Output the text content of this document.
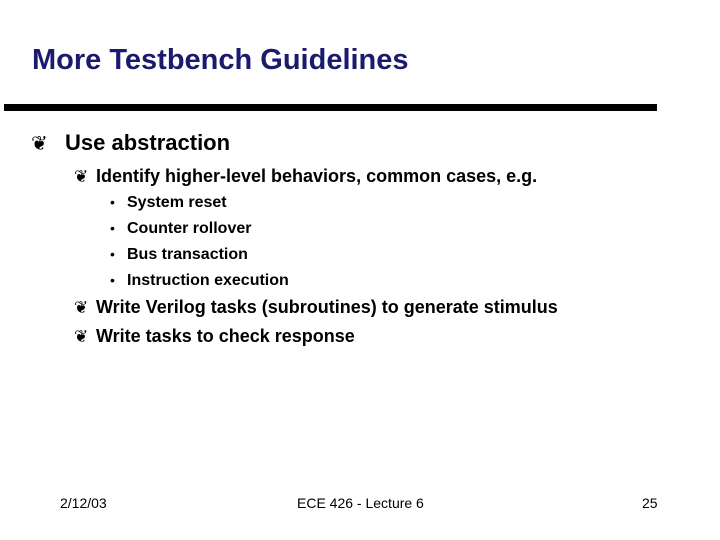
More Testbench Guidelines
❦ Use abstraction
❦ Identify higher-level behaviors, common cases, e.g.
• System reset
• Counter rollover
• Bus transaction
• Instruction execution
❦ Write Verilog tasks (subroutines) to generate stimulus
❦ Write tasks to check response
2/12/03	ECE 426 - Lecture 6	25
